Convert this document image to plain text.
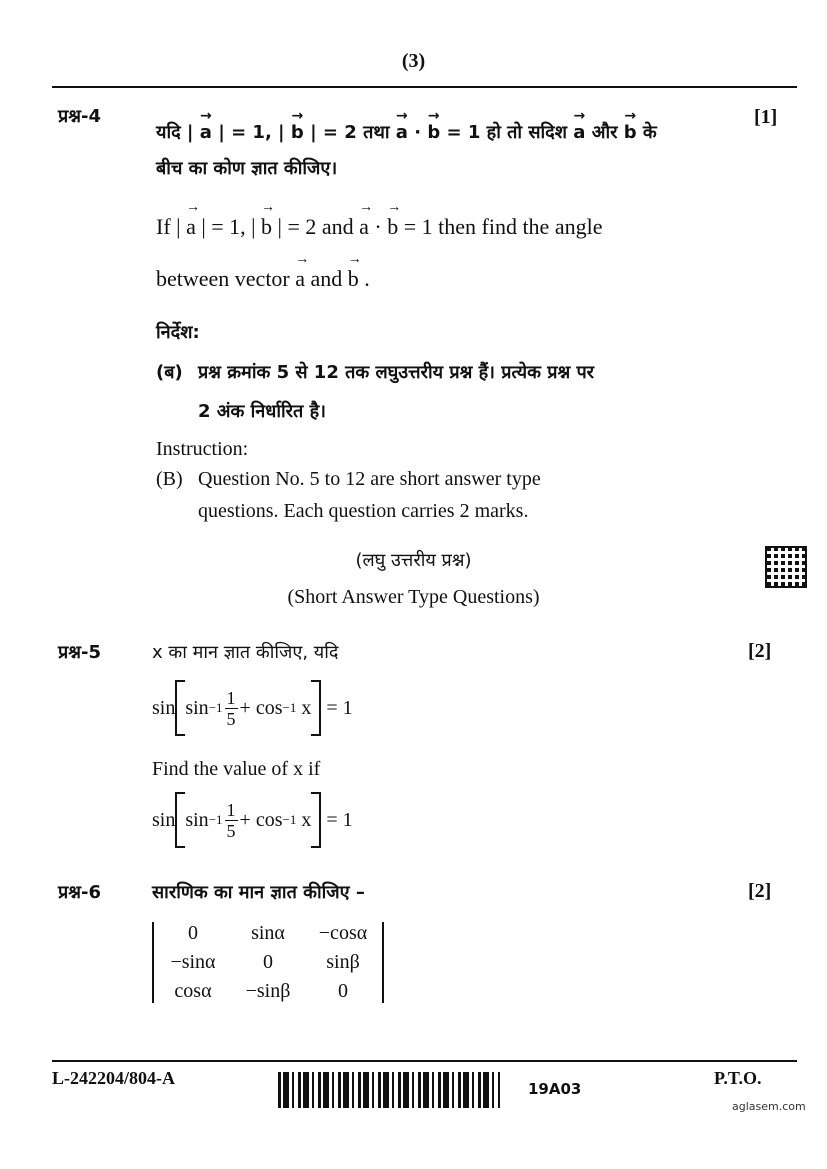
(3)
प्रश्न-4	[1]
यदि | → a | = 1, | → b | = 2 तथा → a · → b = 1 हो तो सदिश → a और → b के
बीच का कोण ज्ञात कीजिए।
If | → a | = 1, | → b | = 2 and → a · → b = 1 then find the angle
between vector → a and → b .
निर्देश:
(ब) प्रश्न क्रमांक 5 से 12 तक लघुउत्तरीय प्रश्न हैं। प्रत्येक प्रश्न पर
2 अंक निर्धारित है।
Instruction:
(B) Question No. 5 to 12 are short answer type
questions. Each question carries 2 marks.
(लघु उत्तरीय प्रश्न)
(Short Answer Type Questions)
प्रश्न-5	[2]
x का मान ज्ञात कीजिए, यदि
$\sin \sin -1 \frac{1}{5}$ +
cos −1
x
= 1
Find the value of x if
$\sin \sin -1 \frac{1}{5}$ +
cos −1
x
= 1
प्रश्न-6	[2]
सारणिक का मान ज्ञात कीजिए –
0	sinα	−cosα
−sinα	0	sinβ
cosα	−sinβ	0
L-242204/804-A
19A03
P.T.O.
aglasem.com
